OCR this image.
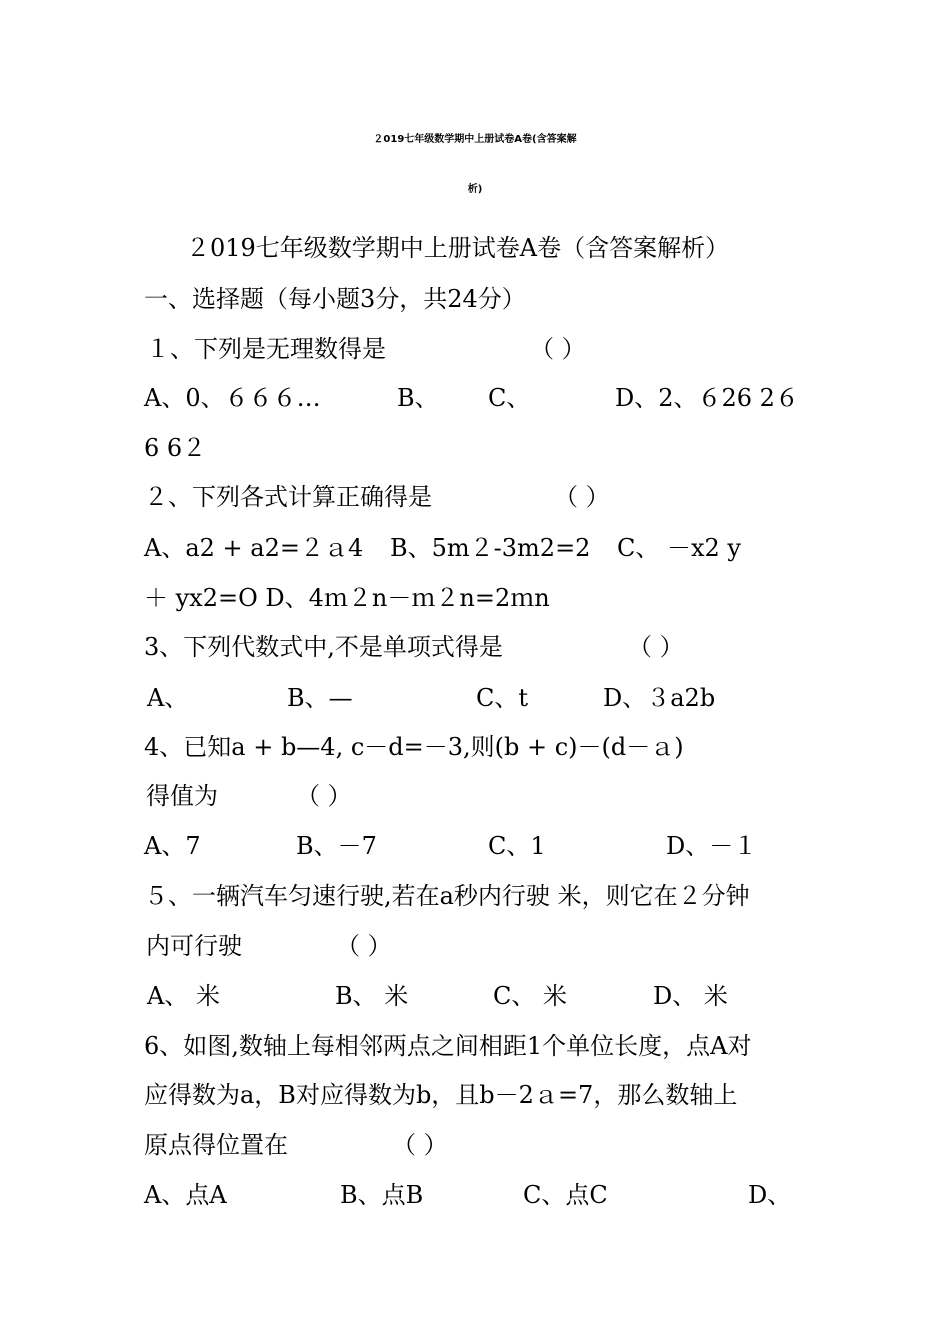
２019七年级数学期中上册试卷A卷(含答案解
析)
２019七年级数学期中上册试卷A卷（含答案解析）
一、选择题（每小题3分，共24分）
１、下列是无理数得是	（ ）
A、0、６６６…	B、 C、	D、2、６26 2６
6 6２
２、下列各式计算正确得是	（ ）
A、a2 + a2=２ａ4 B、5m２-3m2=2 C、 －x2 y
＋ yx2=O D、4ｍ２n－ｍ２n=2ｍn
3、下列代数式中,不是单项式得是	（ ）
A、	B、—	C、t	D、３a2b
4、已知a + b—4, c－d=－3,则(b + c)－(d－ａ)
得值为	（ ）
A、7	B、－7	C、1	D、－１
５、一辆汽车匀速行驶,若在a秒内行驶 米，则它在２分钟
内可行驶	（ ）
A、 米	B、 米	C、 米	D、 米
6、如图,数轴上每相邻两点之间相距1个单位长度，点A对
应得数为a，B对应得数为b，且b－2ａ=7，那么数轴上
原点得位置在	（ ）
A、点A	B、点B	C、点C	D、
